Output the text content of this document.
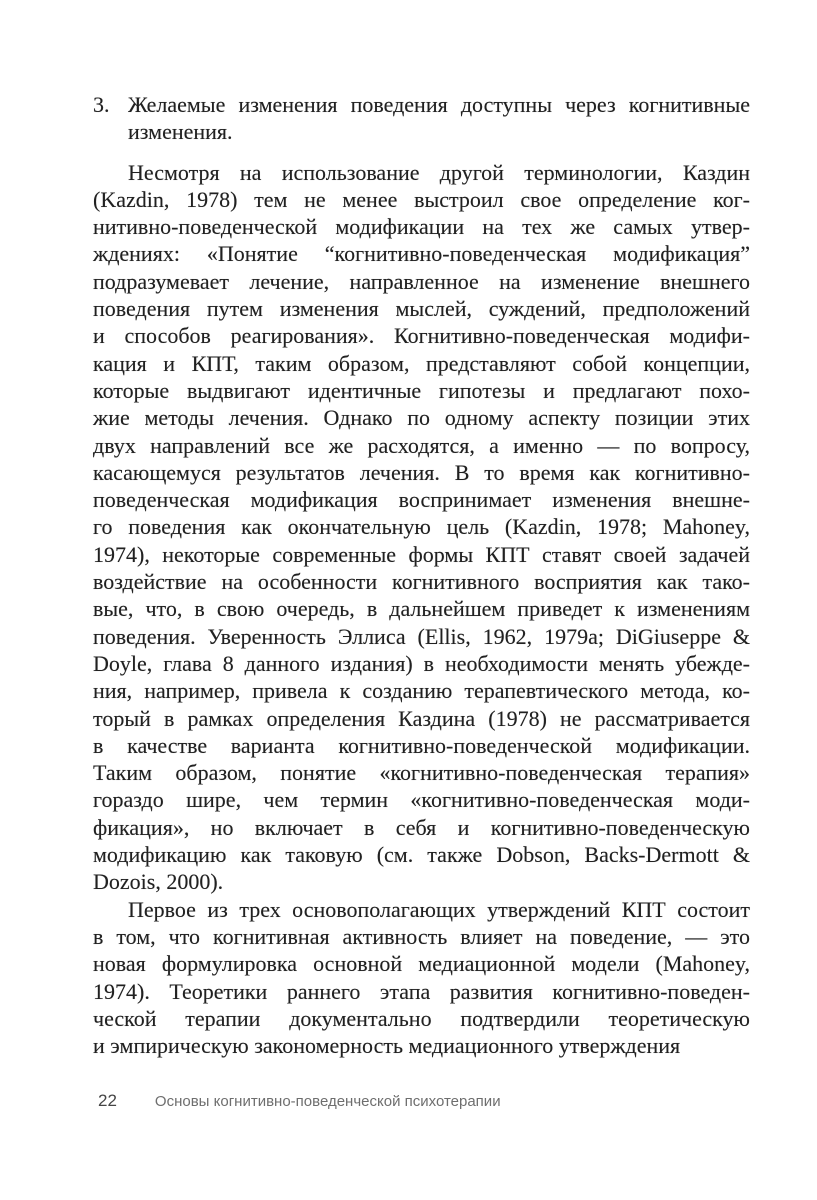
3. Желаемые изменения поведения доступны через когнитивные
изменения.
Несмотря на использование другой терминологии, Каздин
(Kazdin, 1978) тем не менее выстроил свое определение ког-
нитивно-поведенческой модификации на тех же самых утвер-
ждениях: «Понятие “когнитивно-поведенческая модификация”
подразумевает лечение, направленное на изменение внешнего
поведения путем изменения мыслей, суждений, предположений
и способов реагирования». Когнитивно-поведенческая модифи-
кация и КПТ, таким образом, представляют собой концепции,
которые выдвигают идентичные гипотезы и предлагают похо-
жие методы лечения. Однако по одному аспекту позиции этих
двух направлений все же расходятся, а именно — по вопросу,
касающемуся результатов лечения. В то время как когнитивно-
поведенческая модификация воспринимает изменения внешне-
го поведения как окончательную цель (Kazdin, 1978; Mahoney,
1974), некоторые современные формы КПТ ставят своей задачей
воздействие на особенности когнитивного восприятия как тако-
вые, что, в свою очередь, в дальнейшем приведет к изменениям
поведения. Уверенность Эллиса (Ellis, 1962, 1979a; DiGiuseppe &
Doyle, глава 8 данного издания) в необходимости менять убежде-
ния, например, привела к созданию терапевтического метода, ко-
торый в рамках определения Каздина (1978) не рассматривается
в качестве варианта когнитивно-поведенческой модификации.
Таким образом, понятие «когнитивно-поведенческая терапия»
гораздо шире, чем термин «когнитивно-поведенческая моди-
фикация», но включает в себя и когнитивно-поведенческую
модификацию как таковую (см. также Dobson, Backs-Dermott &
Dozois, 2000).
Первое из трех основополагающих утверждений КПТ состоит
в том, что когнитивная активность влияет на поведение, — это
новая формулировка основной медиационной модели (Mahoney,
1974). Теоретики раннего этапа развития когнитивно-поведен-
ческой терапии документально подтвердили теоретическую
и эмпирическую закономерность медиационного утверждения
22	Основы когнитивно-поведенческой психотерапии
